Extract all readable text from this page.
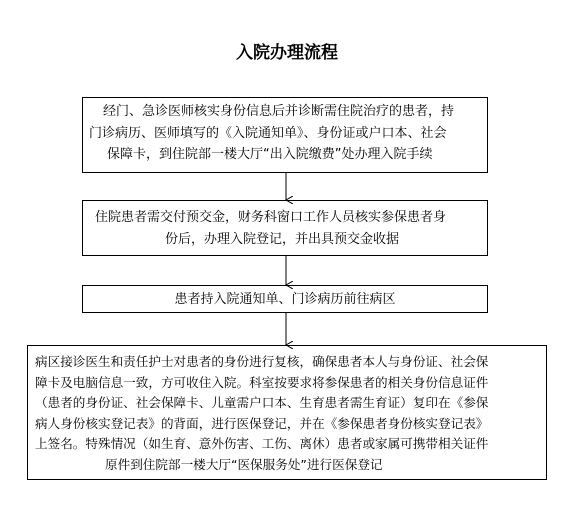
入院办理流程
经门、急诊医师核实身份信息后并诊断需住院治疗的患者，持
门诊病历、医师填写的《入院通知单》、身份证或户口本、社会
保障卡，到住院部一楼大厅“出入院缴费”处办理入院手续
住院患者需交付预交金，财务科窗口工作人员核实参保患者身
份后，办理入院登记，并出具预交金收据
患者持入院通知单、门诊病历前往病区
病区接诊医生和责任护士对患者的身份进行复核，确保患者本人与身份证、社会保
障卡及电脑信息一致，方可收住入院。科室按要求将参保患者的相关身份信息证件
（患者的身份证、社会保障卡、儿童需户口本、生育患者需生育证）复印在《参保
病人身份核实登记表》的背面，进行医保登记，并在《参保患者身份核实登记表》
上签名。特殊情况（如生育、意外伤害、工伤、离休）患者或家属可携带相关证件
原件到住院部一楼大厅“医保服务处”进行医保登记
